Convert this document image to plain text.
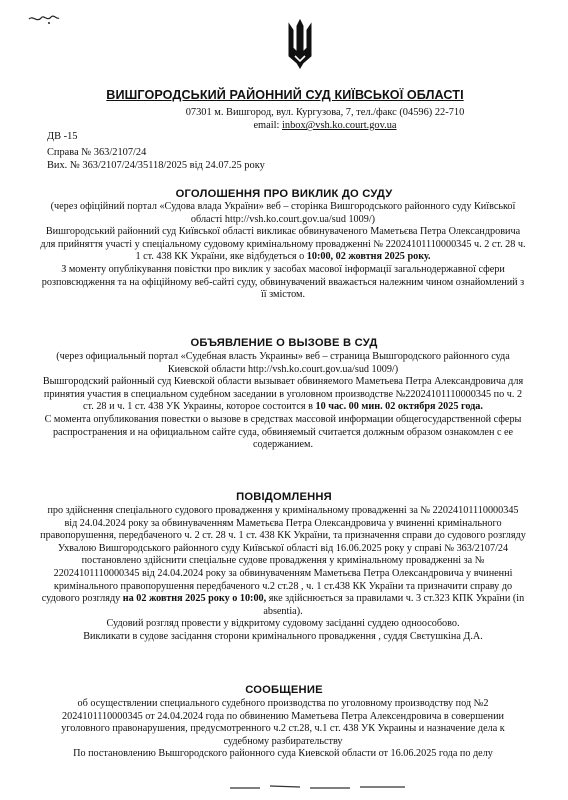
ВИШГОРОДСЬКИЙ РАЙОННИЙ СУД КИЇВСЬКОЇ ОБЛАСТІ
07301 м. Вишгород, вул. Кургузова, 7, тел./факс (04596) 22-710
email: inbox@vsh.ko.court.gov.ua
ДВ -15
Справа № 363/2107/24
Вих. № 363/2107/24/35118/2025 від 24.07.25 року
ОГОЛОШЕННЯ ПРО ВИКЛИК ДО СУДУ

(через офіційний портал «Судова влада України» веб – сторінка Вишгородського районного суду Київської області http://vsh.ko.court.gov.ua/sud 1009/)

Вишгородський районний суд Київської області викликає обвинуваченого Маметьєва Петра Олександровича для прийняття участі у спеціальному судовому кримінальному провадженні № 22024101110000345 ч. 2 ст. 28 ч. 1 ст. 438 КК України, яке відбудеться о 10:00, 02 жовтня 2025 року.

З моменту опублікування повістки про виклик у засобах масової інформації загальнодержавної сфери розповсюдження та на офіційному веб-сайті суду, обвинувачений вважається належним чином ознайомлений з її змістом.

ОБЪЯВЛЕНИЕ О ВЫЗОВЕ В СУД

(через официальный портал «Судебная власть Украины» веб – страница Вышгородского районного суда Киевской области http://vsh.ko.court.gov.ua/sud 1009/)

Вышгородский районный суд Киевской области вызывает обвиняемого Маметьева Петра Александровича для принятия участия в специальном судебном заседании в уголовном производстве №22024101110000345 по ч. 2 ст. 28 и ч. 1 ст. 438 УК Украины, которое состоится в 10 час. 00 мин. 02 октября 2025 года.

С момента опубликования повестки о вызове в средствах массовой информации общегосударственной сферы распространения и на официальном сайте суда, обвиняемый считается должным образом ознакомлен с ее содержанием.

ПОВІДОМЛЕННЯ

про здійснення спеціального судового провадження у кримінальному провадженні за № 22024101110000345 від 24.04.2024 року за обвинуваченням Маметьєва Петра Олександровича у вчиненні кримінального правопорушення, передбаченого ч. 2 ст. 28 ч. 1 ст. 438 КК України, та призначення справи до судового розгляду

Ухвалою Вишгородського районного суду Київської області від 16.06.2025 року у справі № 363/2107/24 постановлено здійснити спеціальне судове провадження у кримінальному провадженні за № 22024101110000345 від 24.04.2024 року за обвинуваченням Маметьєва Петра Олександровича у вчиненні кримінального правопорушення передбаченого ч.2 ст.28 , ч. 1 ст.438 КК України та призначити справу до судового розгляду на 02 жовтня 2025 року о 10:00, яке здійснюється за правилами ч. 3 ст.323 КПК України (in absentia).

Судовий розгляд провести у відкритому судовому засіданні суддею одноособово.

Викликати в судове засідання сторони кримінального провадження , суддя Свєтушкіна Д.А.

СООБЩЕНИЕ

об осуществлении специального судебного производства по уголовному производству под №2 2024101110000345 от 24.04.2024 года по обвинению Маметьева Петра Алексендровича в совершении уголовного правонарушения, предусмотренного ч.2 ст.28, ч.1 ст. 438 УК Украины и назначение дела к судебному разбирательству

По постановлению Вышгородского районного суда Киевской области от 16.06.2025 года по делу
